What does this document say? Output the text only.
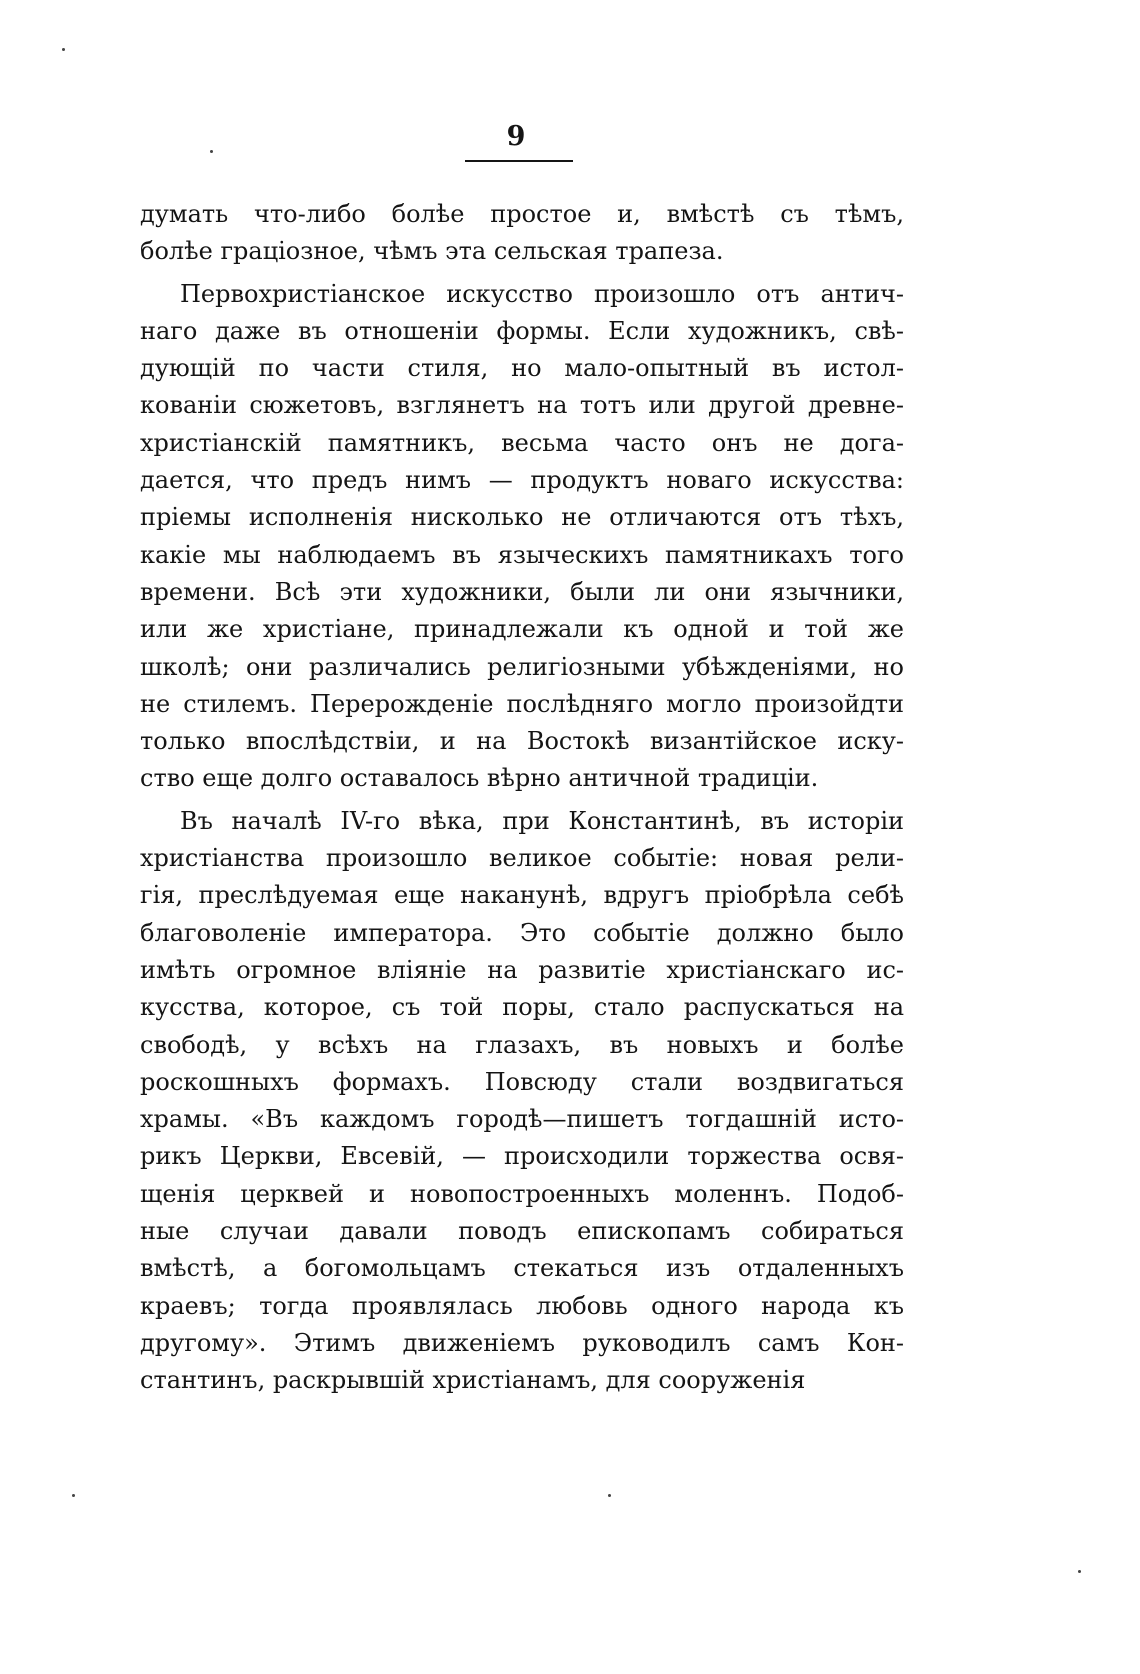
9
думать что-либо болѣе простое и, вмѣстѣ съ тѣмъ,
болѣе граціозное, чѣмъ эта сельская трапеза.
Первохристіанское искусство произошло отъ антич-
наго даже въ отношеніи формы. Если художникъ, свѣ-
дующій по части стиля, но мало-опытный въ истол-
кованіи сюжетовъ, взглянетъ на тотъ или другой древне-
христіанскій памятникъ, весьма часто онъ не дога-
дается, что предъ нимъ — продуктъ новаго искусства:
пріемы исполненія нисколько не отличаются отъ тѣхъ,
какіе мы наблюдаемъ въ языческихъ памятникахъ того
времени. Всѣ эти художники, были ли они язычники,
или же христіане, принадлежали къ одной и той же
школѣ; они различались религіозными убѣжденіями, но
не стилемъ. Перерожденіе послѣдняго могло произойдти
только впослѣдствіи, и на Востокѣ византійское иску-
ство еще долго оставалось вѣрно античной традиціи.
Въ началѣ IV-го вѣка, при Константинѣ, въ исторіи
христіанства произошло великое событіе: новая рели-
гія, преслѣдуемая еще наканунѣ, вдругъ пріобрѣла себѣ
благоволеніе императора. Это событіе должно было
имѣть огромное вліяніе на развитіе христіанскаго ис-
кусства, которое, съ той поры, стало распускаться на
свободѣ, у всѣхъ на глазахъ, въ новыхъ и болѣе
роскошныхъ формахъ. Повсюду стали воздвигаться
храмы. «Въ каждомъ городѣ—пишетъ тогдашній исто-
рикъ Церкви, Евсевій, — происходили торжества освя-
щенія церквей и новопостроенныхъ моленнъ. Подоб-
ные случаи давали поводъ епископамъ собираться
вмѣстѣ, а богомольцамъ стекаться изъ отдаленныхъ
краевъ; тогда проявлялась любовь одного народа къ
другому». Этимъ движеніемъ руководилъ самъ Кон-
стантинъ, раскрывшій христіанамъ, для сооруженія
